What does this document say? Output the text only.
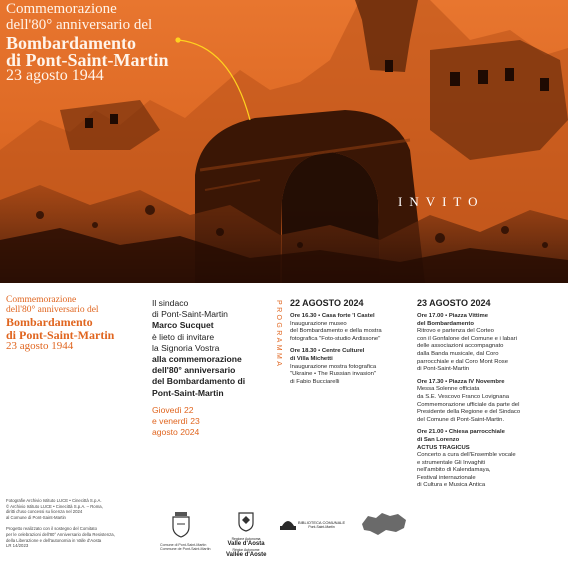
Commemorazione

dell'80° anniversario del

Bombardamento

di Pont-Saint-Martin

23 agosto 1944

INVITO

Commemorazione

dell'80° anniversario del

Bombardamento

di Pont-Saint-Martin

23 agosto 1944

Fotografie Archivio Istituto LUCE • Cinecittà S.p.A.

© Archivio Istituto LUCE • Cinecittà S.p.A. – Roma,

diritti d'uso concessi su licenza nel 2024

al Comune di Pont-Saint-Martin

Progetto realizzato con il sostegno del Comitato

per le celebrazioni dell'80° Anniversario della Resistenza,

della Liberazione e dell'autonomia in Valle d'Aosta

LR 14/2023

Il sindaco

di Pont-Saint-Martin

Marco Sucquet

è lieto di invitare

la Signoria Vostra

alla commemorazione

dell'80° anniversario

del Bombardamento di

Pont-Saint-Martin

Giovedì 22

e venerdì 23

agosto 2024

PROGRAMMA 22 AGOSTO 2024

Ore 16.30 • Casa forte 'l Castel

Inaugurazione museo

del Bombardamento e della mostra

fotografica "Foto-studio Ardissone"

Ore 18.30 • Centre Culturel

di Villa Michetti

Inaugurazione mostra fotografica

"Ukraine • The Russian invasion"

di Fabio Bucciarelli

23 AGOSTO 2024

Ore 17.00 • Piazza Vittime

del Bombardamento

Ritrovo e partenza del Corteo

con il Gonfalone del Comune e i labari

delle associazioni accompagnato

dalla Banda musicale, dal Coro

parrocchiale e dal Coro Mont Rose

di Pont-Saint-Martin

Ore 17.30 • Piazza IV Novembre

Messa Solenne officiata

da S.E. Vescovo Franco Lovignana

Commemorazione ufficiale da parte del

Presidente della Regione e del Sindaco

del Comune di Pont-Saint-Martin.

Ore 21.00 • Chiesa parrocchiale

di San Lorenzo

ACTUS TRAGICUS

Concerto a cura dell'Ensemble vocale

e strumentale Gli Invaghiti

nell'ambito di Kalendamaya,

Festival internazionale

di Cultura e Musica Antica

Comune di Pont-Saint-Martin

Commune de Pont-Saint-Martin

Regione Autonoma

Valle d'Aosta

Région Autonome

Vallée d'Aoste

BIBLIOTECA COMUNALE

Pont-Saint-Martin
